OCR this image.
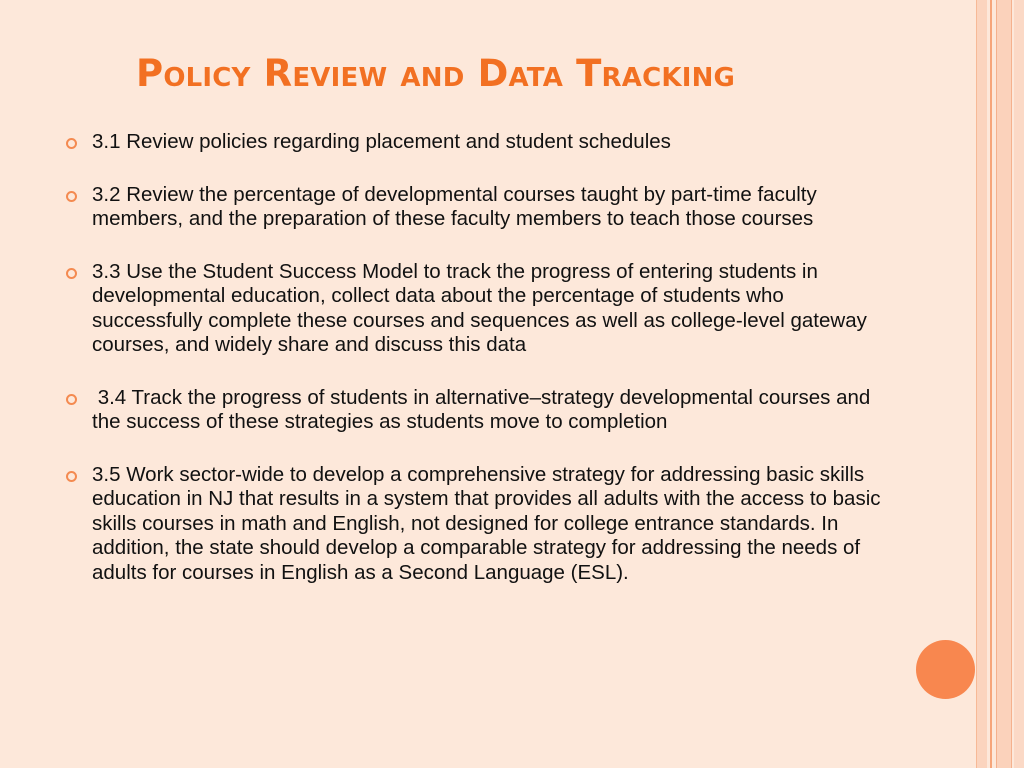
Policy Review and Data Tracking
3.1 Review policies regarding placement and student schedules
3.2 Review the percentage of developmental courses taught by part-time faculty members, and the preparation of these faculty members to teach those courses
3.3 Use the Student Success Model to track the progress of entering students in developmental education, collect data about the percentage of students who successfully complete these courses and sequences as well as college-level gateway courses, and widely share and discuss this data
3.4 Track the progress of students in alternative–strategy developmental courses and the success of these strategies as students move to completion
3.5 Work sector-wide to develop a comprehensive strategy for addressing basic skills education in NJ that results in a system that provides all adults with the access to basic skills courses in math and English, not designed for college entrance standards. In addition, the state should develop a comparable strategy for addressing the needs of adults for courses in English as a Second Language (ESL).
